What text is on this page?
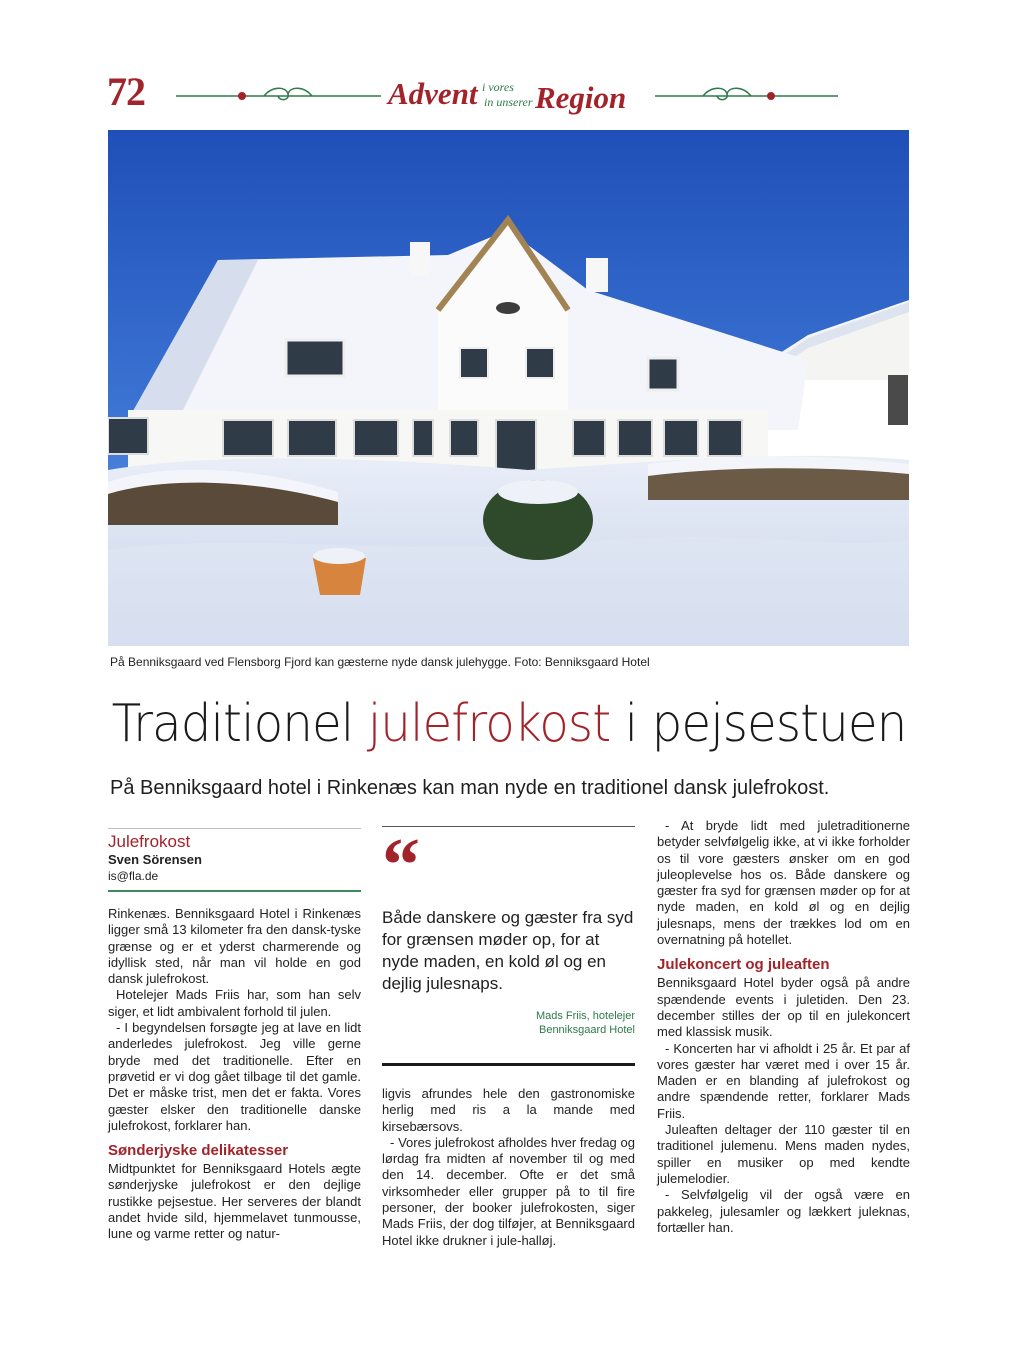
72	Advent i vores
in unserer Region
På Benniksgaard ved Flensborg Fjord kan gæsterne nyde dansk julehygge. Foto: Benniksgaard Hotel
Traditionel julefrokost i pejsestuen
På Benniksgaard hotel i Rinkenæs kan man nyde en traditionel dansk julefrokost.
Julefrokost
Sven Sörensen
is@fla.de

Rinkenæs. Benniksgaard Hotel i Rinkenæs ligger små 13 kilometer fra den dansk-tyske grænse og er et yderst charmerende og idyllisk sted, når man vil holde en god dansk julefrokost.

Hotelejer Mads Friis har, som han selv siger, et lidt ambivalent forhold til julen.

- I begyndelsen forsøgte jeg at lave en lidt anderledes julefrokost. Jeg ville gerne bryde med det traditionelle. Efter en prøvetid er vi dog gået tilbage til det gamle. Det er måske trist, men det er fakta. Vores gæster elsker den traditionelle danske julefrokost, forklarer han.

Sønderjyske delikatesser

Midtpunktet for Benniksgaard Hotels ægte sønderjyske julefrokost er den dejlige rustikke pejsestue. Her serveres der blandt andet hvide sild, hjemmelavet tunmousse, lune og varme retter og natur-

“
Både danskere og gæster fra syd for grænsen møder op, for at nyde maden, en kold øl og en dejlig julesnaps.
Mads Friis, hotelejer
Benniksgaard Hotel

ligvis afrundes hele den gastronomiske herlig med ris a la mande med kirsebærsovs.

- Vores julefrokost afholdes hver fredag og lørdag fra midten af november til og med den 14. december. Ofte er det små virksomheder eller grupper på to til fire personer, der booker julefrokosten, siger Mads Friis, der dog tilføjer, at Benniksgaard Hotel ikke drukner i jule-halløj.

- At bryde lidt med juletraditionerne betyder selvfølgelig ikke, at vi ikke forholder os til vore gæsters ønsker om en god juleoplevelse hos os. Både danskere og gæster fra syd for grænsen møder op for at nyde maden, en kold øl og en dejlig julesnaps, mens der trækkes lod om en overnatning på hotellet.

Julekoncert og juleaften

Benniksgaard Hotel byder også på andre spændende events i juletiden. Den 23. december stilles der op til en julekoncert med klassisk musik.

- Koncerten har vi afholdt i 25 år. Et par af vores gæster har været med i over 15 år. Maden er en blanding af julefrokost og andre spændende retter, forklarer Mads Friis.

Juleaften deltager der 110 gæster til en traditionel julemenu. Mens maden nydes, spiller en musiker op med kendte julemelodier.

- Selvfølgelig vil der også være en pakkeleg, julesamler og lækkert juleknas, fortæller han.
